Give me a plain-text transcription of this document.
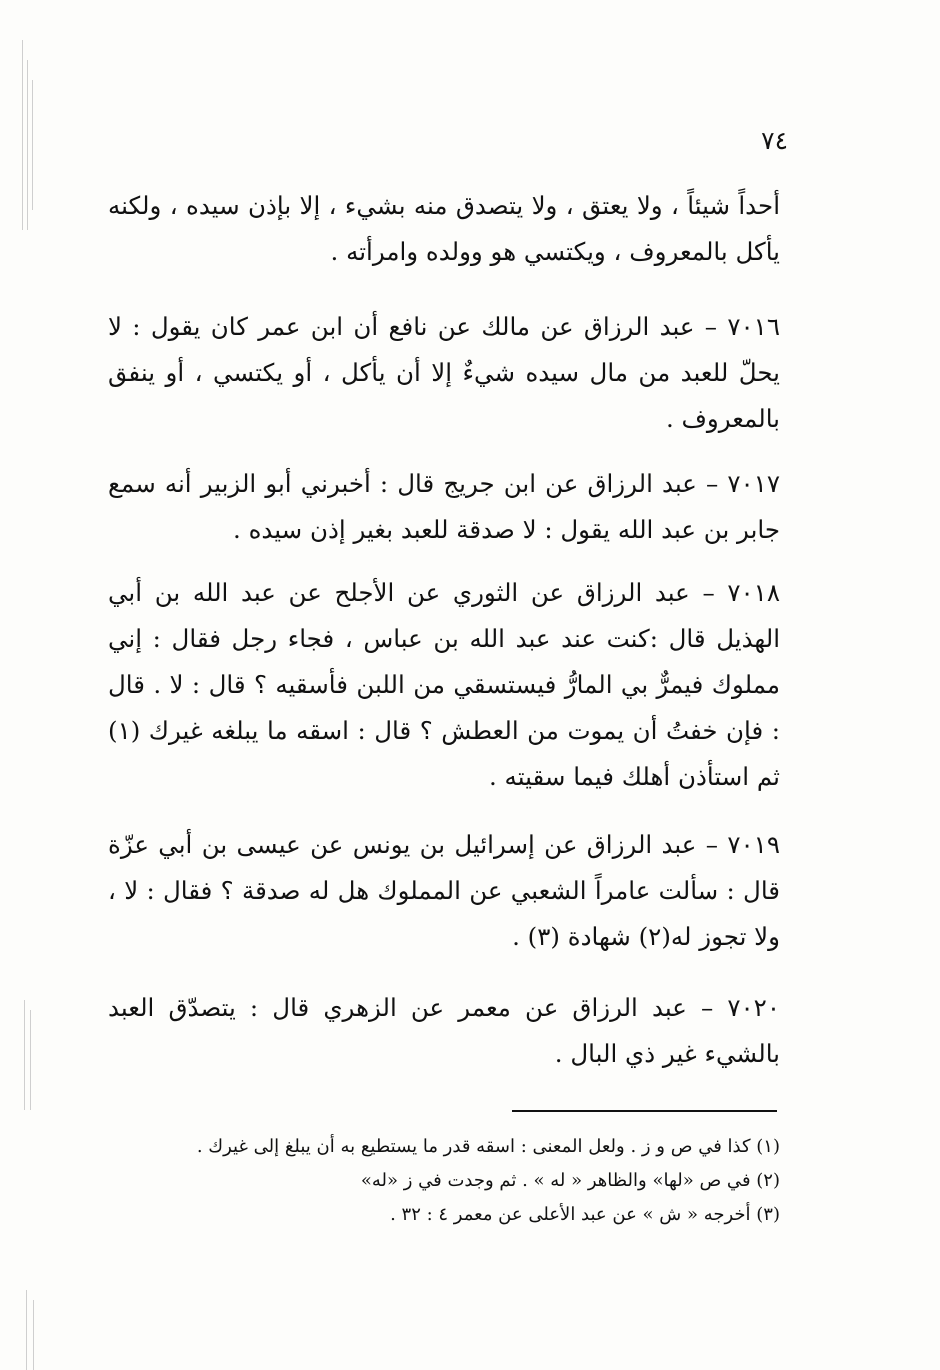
٧٤

أحداً شيئاً ، ولا يعتق ، ولا يتصدق منه بشيء ، إلا بإذن سيده ، ولكنه يأكل بالمعروف ، ويكتسي هو وولده وامرأته .

٧٠١٦ – عبد الرزاق عن مالك عن نافع أن ابن عمر كان يقول : لا يحلّ للعبد من مال سيده شيءٌ إلا أن يأكل ، أو يكتسي ، أو ينفق بالمعروف .

٧٠١٧ – عبد الرزاق عن ابن جريج قال : أخبرني أبو الزبير أنه سمع جابر بن عبد الله يقول : لا صدقة للعبد بغير إذن سيده .

٧٠١٨ – عبد الرزاق عن الثوري عن الأجلح عن عبد الله بن أبي الهذيل قال :كنت عند عبد الله بن عباس ، فجاء رجل فقال : إني مملوك فيمرٌّ بي المارُّ فيستسقي من اللبن فأسقيه ؟ قال : لا . قال : فإن خفتُ أن يموت من العطش ؟ قال : اسقه ما يبلغه غيرك (١) ثم استأذن أهلك فيما سقيته .

٧٠١٩ – عبد الرزاق عن إسرائيل بن يونس عن عيسى بن أبي عزّة قال : سألت عامراً الشعبي عن المملوك هل له صدقة ؟ فقال : لا ، ولا تجوز له(٢) شهادة (٣) .

٧٠٢٠ – عبد الرزاق عن معمر عن الزهري قال : يتصدّق العبد بالشيء غير ذي البال .

(١) كذا في ص و ز . ولعل المعنى : اسقه قدر ما يستطيع به أن يبلغ إلى غيرك .

(٢) في ص «لها» والظاهر « له » . ثم وجدت في ز «له»

(٣) أخرجه « ش » عن عبد الأعلى عن معمر ٤ : ٣٢ .
